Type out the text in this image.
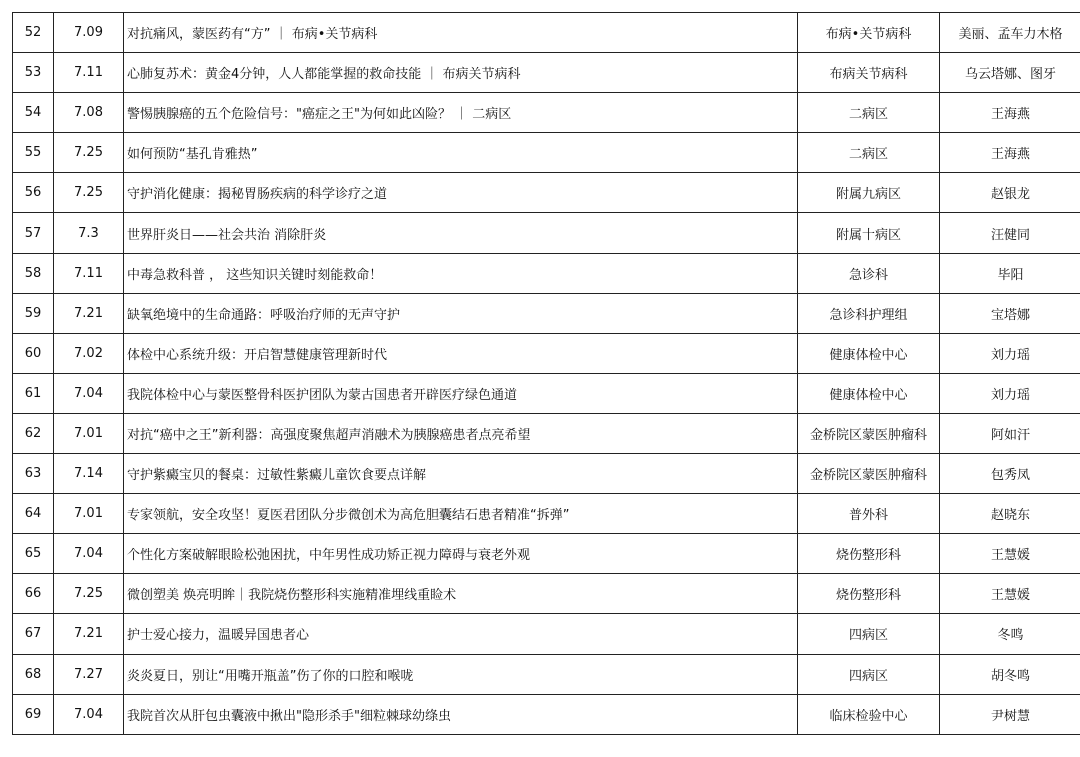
52	7.09	对抗痛风，蒙医药有“方” ｜ 布病•关节病科	布病•关节病科	美丽、孟车力木格
53	7.11	心肺复苏术：黄金4分钟，人人都能掌握的救命技能 ｜ 布病关节病科	布病关节病科	乌云塔娜、图牙
54	7.08	警惕胰腺癌的五个危险信号："癌症之王"为何如此凶险？ ｜ 二病区	二病区	王海燕
55	7.25	如何预防“基孔肯雅热”	二病区	王海燕
56	7.25	守护消化健康：揭秘胃肠疾病的科学诊疗之道	附属九病区	赵银龙
57	7.3	世界肝炎日——社会共治 消除肝炎	附属十病区	汪健同
58	7.11	中毒急救科普 ， 这些知识关键时刻能救命！	急诊科	毕阳
59	7.21	缺氧绝境中的生命通路：呼吸治疗师的无声守护	急诊科护理组	宝塔娜
60	7.02	体检中心系统升级：开启智慧健康管理新时代	健康体检中心	刘力瑶
61	7.04	我院体检中心与蒙医整骨科医护团队为蒙古国患者开辟医疗绿色通道	健康体检中心	刘力瑶
62	7.01	对抗“癌中之王”新利器：高强度聚焦超声消融术为胰腺癌患者点亮希望	金桥院区蒙医肿瘤科	阿如汗
63	7.14	守护紫癜宝贝的餐桌：过敏性紫癜儿童饮食要点详解	金桥院区蒙医肿瘤科	包秀凤
64	7.01	专家领航，安全攻坚！夏医君团队分步微创术为高危胆囊结石患者精准“拆弹”	普外科	赵晓东
65	7.04	个性化方案破解眼睑松弛困扰，中年男性成功矫正视力障碍与衰老外观	烧伤整形科	王慧媛
66	7.25	微创塑美 焕亮明眸｜我院烧伤整形科实施精准埋线重睑术	烧伤整形科	王慧媛
67	7.21	护士爱心接力，温暖异国患者心	四病区	冬鸣
68	7.27	炎炎夏日，别让“用嘴开瓶盖”伤了你的口腔和喉咙	四病区	胡冬鸣
69	7.04	我院首次从肝包虫囊液中揪出"隐形杀手"细粒棘球幼绦虫	临床检验中心	尹树慧
